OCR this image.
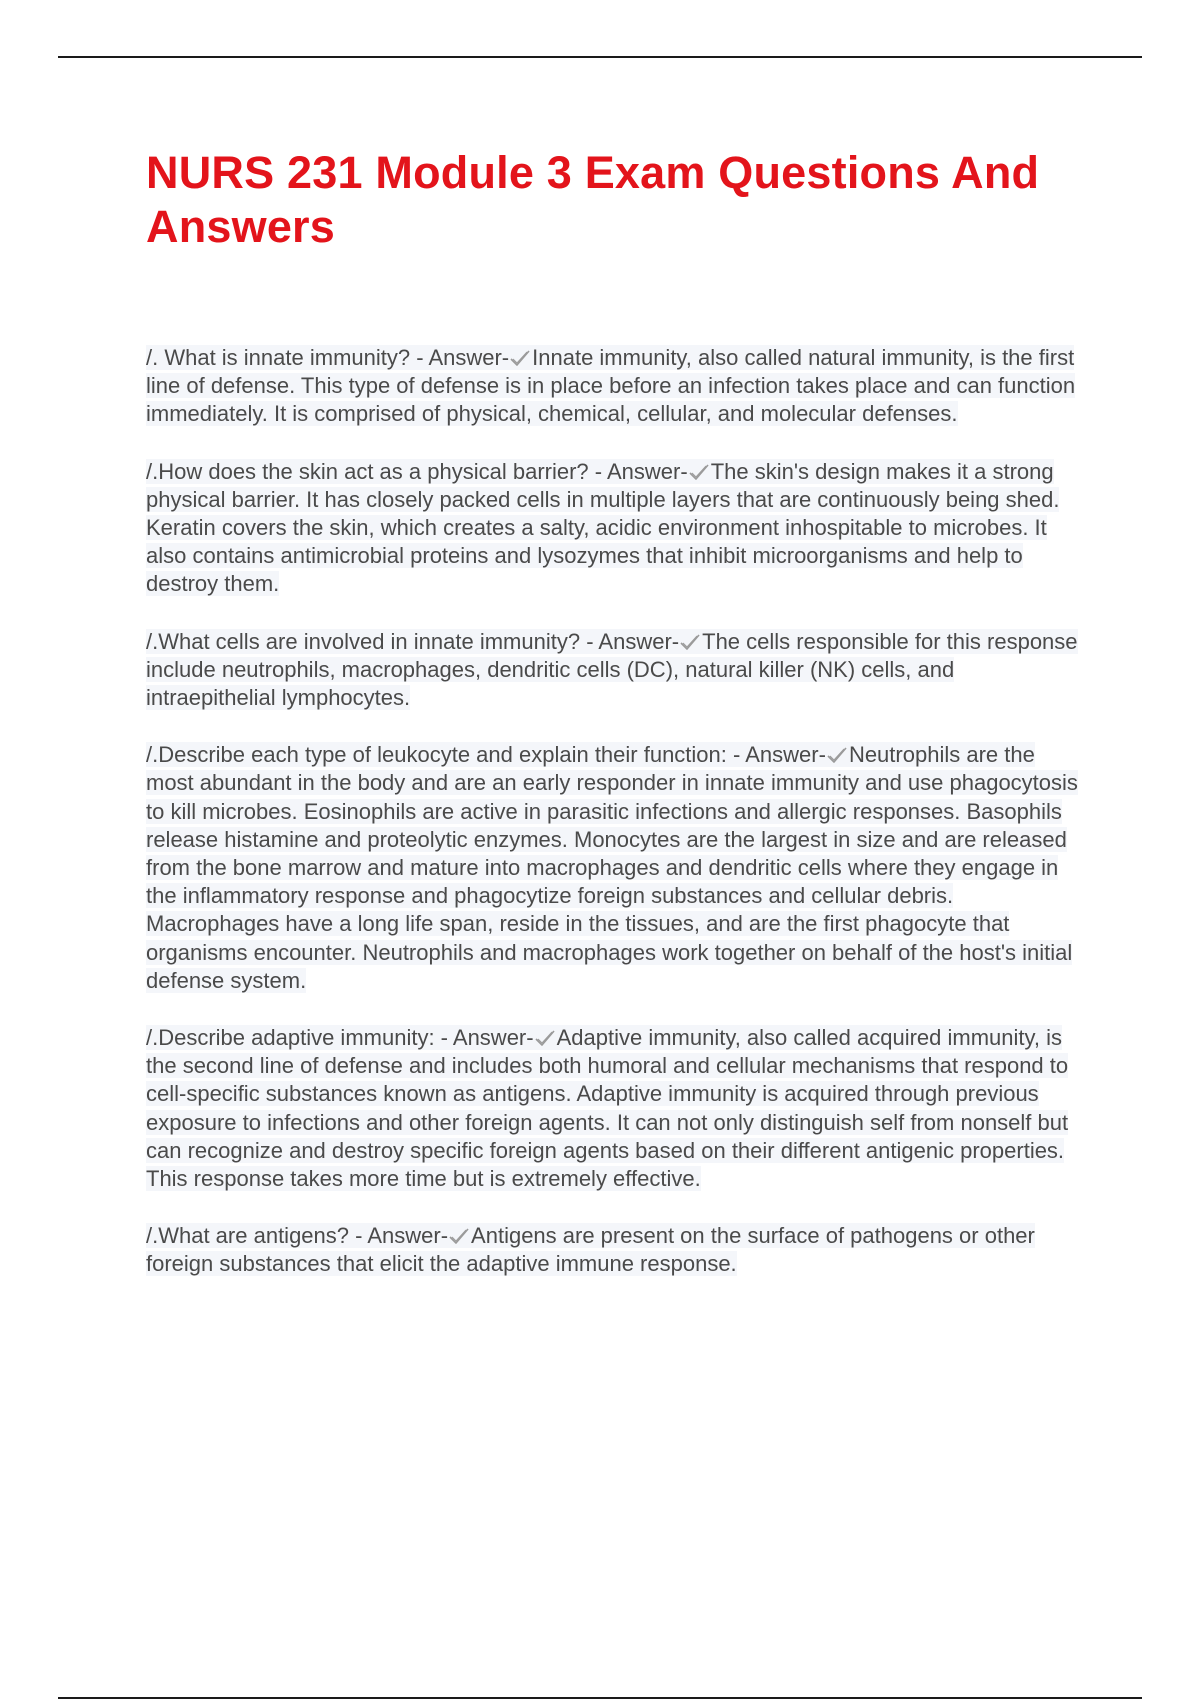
NURS 231 Module 3 Exam Questions And Answers

/. What is innate immunity? - Answer- Innate immunity, also called natural immunity, is the first line of defense. This type of defense is in place before an infection takes place and can function immediately. It is comprised of physical, chemical, cellular, and molecular defenses.

/.How does the skin act as a physical barrier? - Answer- The skin's design makes it a strong physical barrier. It has closely packed cells in multiple layers that are continuously being shed. Keratin covers the skin, which creates a salty, acidic environment inhospitable to microbes. It also contains antimicrobial proteins and lysozymes that inhibit microorganisms and help to destroy them.

/.What cells are involved in innate immunity? - Answer- The cells responsible for this response include neutrophils, macrophages, dendritic cells (DC), natural killer (NK) cells, and intraepithelial lymphocytes.

/.Describe each type of leukocyte and explain their function: - Answer- Neutrophils are the most abundant in the body and are an early responder in innate immunity and use phagocytosis to kill microbes. Eosinophils are active in parasitic infections and allergic responses. Basophils release histamine and proteolytic enzymes. Monocytes are the largest in size and are released from the bone marrow and mature into macrophages and dendritic cells where they engage in the inflammatory response and phagocytize foreign substances and cellular debris. Macrophages have a long life span, reside in the tissues, and are the first phagocyte that organisms encounter. Neutrophils and macrophages work together on behalf of the host's initial defense system.

/.Describe adaptive immunity: - Answer- Adaptive immunity, also called acquired immunity, is the second line of defense and includes both humoral and cellular mechanisms that respond to cell-specific substances known as antigens. Adaptive immunity is acquired through previous exposure to infections and other foreign agents. It can not only distinguish self from nonself but can recognize and destroy specific foreign agents based on their different antigenic properties. This response takes more time but is extremely effective.

/.What are antigens? - Answer- Antigens are present on the surface of pathogens or other foreign substances that elicit the adaptive immune response.
